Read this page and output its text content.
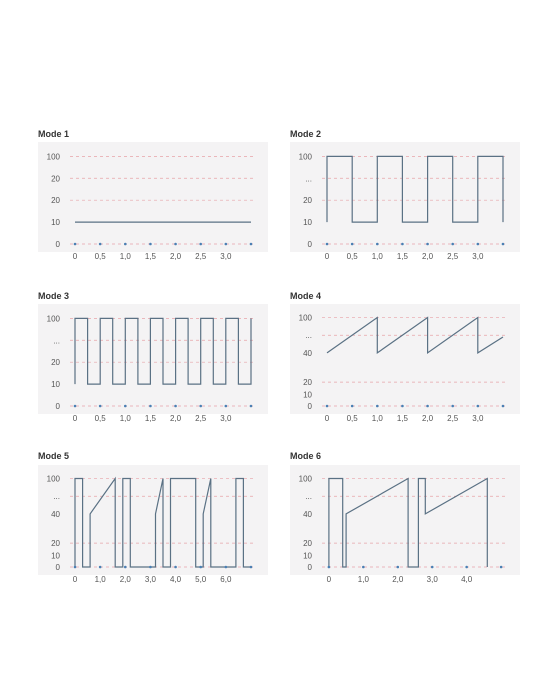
Mode 1
100
20
20
10
0
0 0,5 1,0 1,5 2,0 2,5 3,0
Mode 2
100
...
20
10
0
0 0,5 1,0 1,5 2,0 2,5 3,0
Mode 3
100
...
20
10
0
0 0,5 1,0 1,5 2,0 2,5 3,0
Mode 4
100
...
40
20
10
0
0 0,5 1,0 1,5 2,0 2,5 3,0
Mode 5
100
...
40
20
10
0
0 1,0 2,0 3,0 4,0 5,0 6,0
Mode 6
100
...
40
20
10
0
0	1,0	2,0	3,0	4,0
